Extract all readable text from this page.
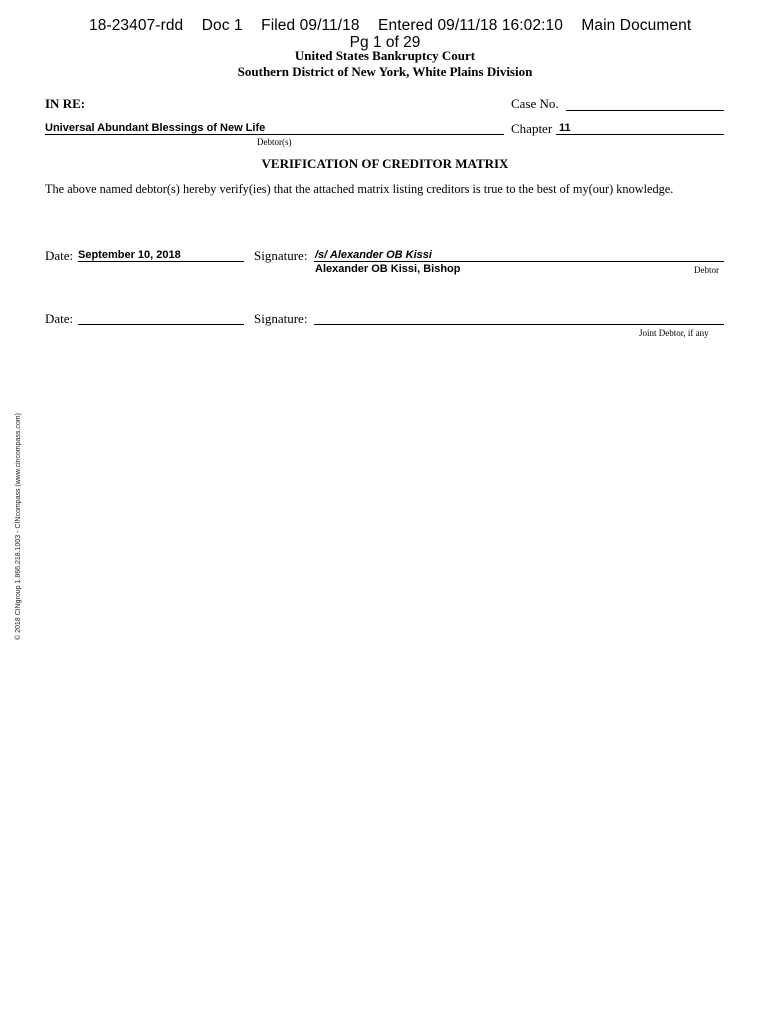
18-23407-rdd Doc 1 Filed 09/11/18 Entered 09/11/18 16:02:10 Main Document
Pg 1 of 29
United States Bankruptcy Court
Southern District of New York, White Plains Division
IN RE:	Case No.
Universal Abundant Blessings of New Life
Debtor(s)
Chapter 11
VERIFICATION OF CREDITOR MATRIX
The above named debtor(s) hereby verify(ies) that the attached matrix listing creditors is true to the best of my(our) knowledge.
Date: September 10, 2018	Signature: /s/ Alexander OB Kissi
Alexander OB Kissi, Bishop	Debtor
Date:	Signature:
Joint Debtor, if any
© 2018 CINgroup 1.866.218.1003 - CINcompass (www.cincompass.com)
